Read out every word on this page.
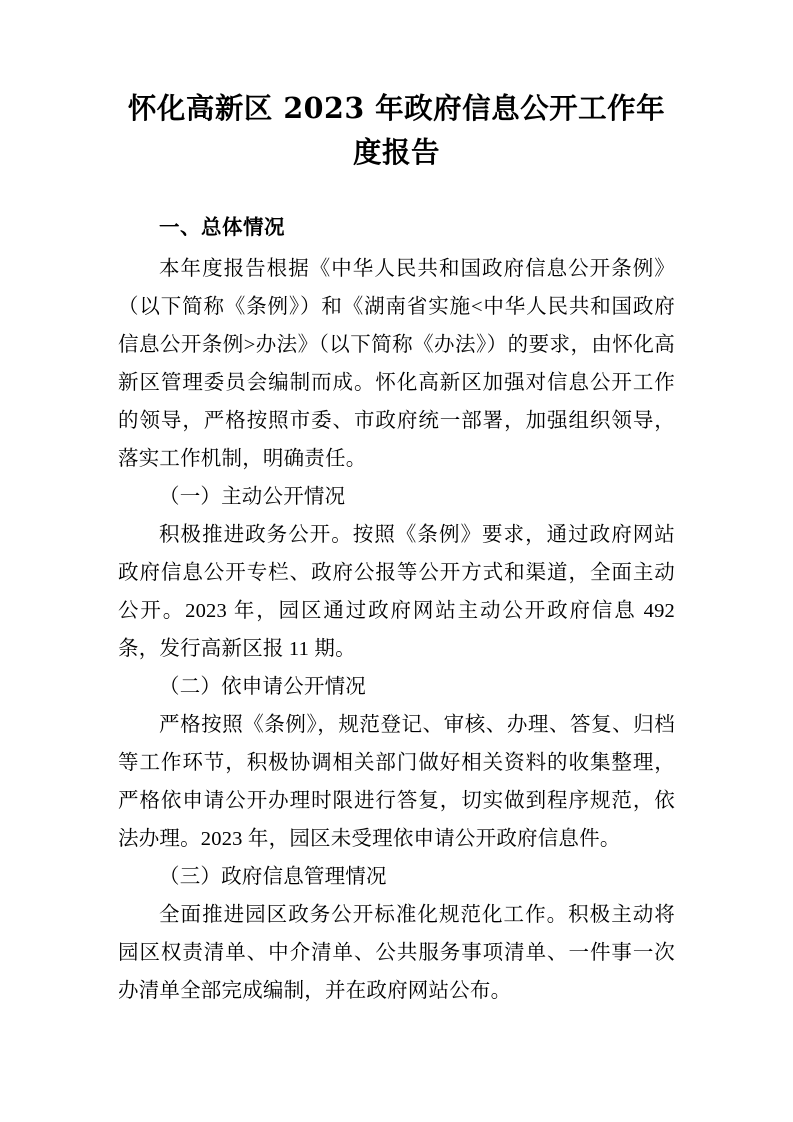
怀化高新区 2023 年政府信息公开工作年度报告
一、总体情况

本年度报告根据《中华人民共和国政府信息公开条例》（以下简称《条例》）和《湖南省实施<中华人民共和国政府信息公开条例>办法》（以下简称《办法》）的要求，由怀化高新区管理委员会编制而成。怀化高新区加强对信息公开工作的领导，严格按照市委、市政府统一部署，加强组织领导，落实工作机制，明确责任。

（一）主动公开情况

积极推进政务公开。按照《条例》要求，通过政府网站政府信息公开专栏、政府公报等公开方式和渠道，全面主动公开。2023 年，园区通过政府网站主动公开政府信息 492 条，发行高新区报 11 期。

（二）依申请公开情况

严格按照《条例》，规范登记、审核、办理、答复、归档等工作环节，积极协调相关部门做好相关资料的收集整理，严格依申请公开办理时限进行答复，切实做到程序规范，依法办理。2023 年，园区未受理依申请公开政府信息件。

（三）政府信息管理情况

全面推进园区政务公开标准化规范化工作。积极主动将园区权责清单、中介清单、公共服务事项清单、一件事一次办清单全部完成编制，并在政府网站公布。
